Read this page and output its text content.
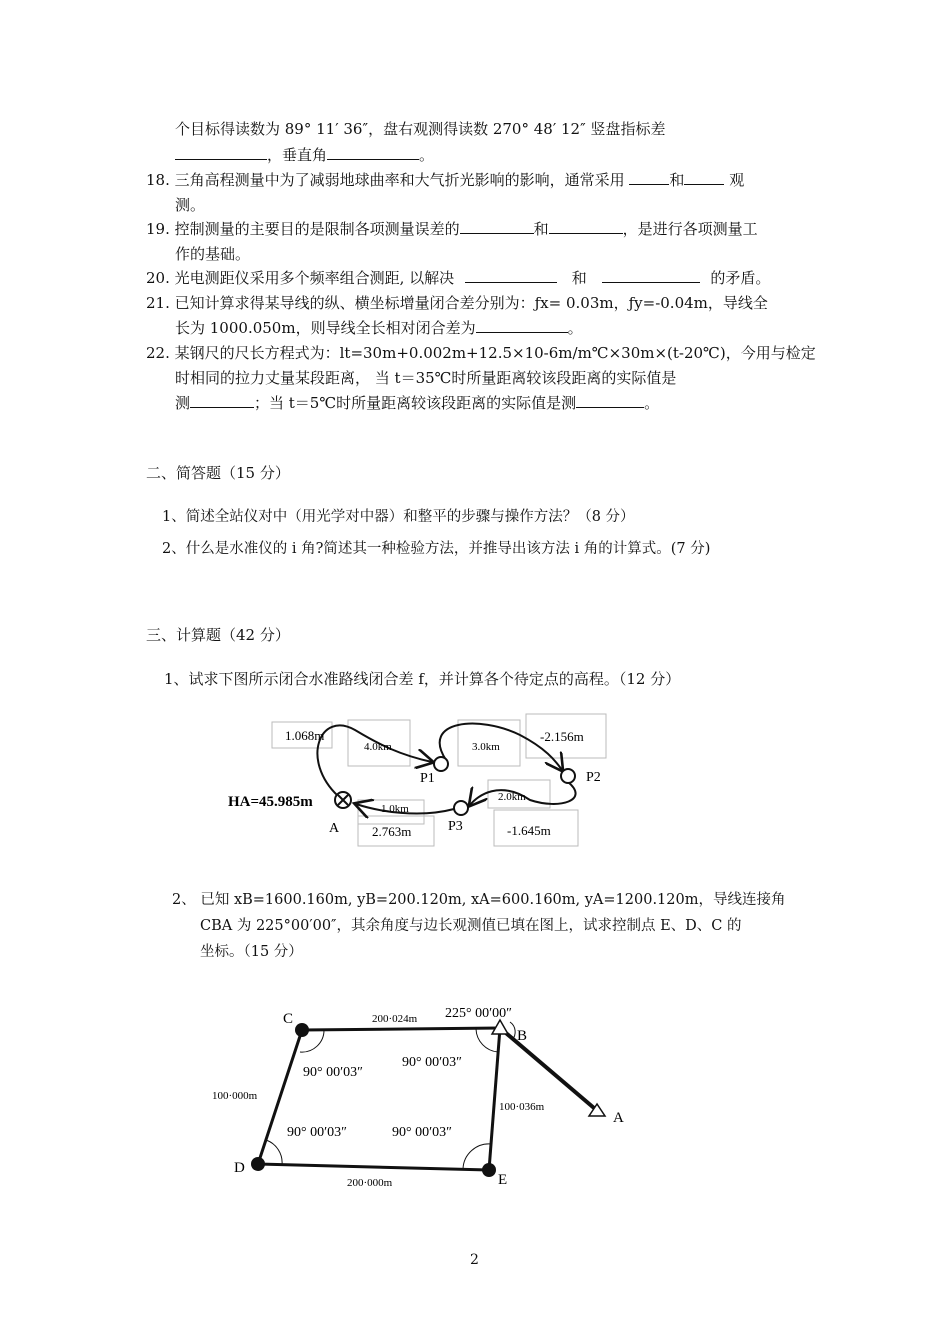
个目标得读数为 89° 11′ 36″，盘右观测得读数 270° 48′ 12″ 竖盘指标差
，垂直角	。
18. 三角高程测量中为了减弱地球曲率和大气折光影响的影响，通常采用	和	观
测。
19. 控制测量的主要目的是限制各项测量误差的	和	，是进行各项测量工
作的基础。
20. 光电测距仪采用多个频率组合测距, 以解决	和	的矛盾。
21. 已知计算求得某导线的纵、横坐标增量闭合差分别为：ƒx= 0.03m，ƒy=-0.04m，导线全
长为 1000.050m，则导线全长相对闭合差为	。
22. 某钢尺的尺长方程式为：lt=30m+0.002m+12.5×10-6m/m℃×30m×(t-20℃)，今用与检定
时相同的拉力丈量某段距离， 当 t＝35℃时所量距离较该段距离的实际值是
测	；当 t＝5℃时所量距离较该段距离的实际值是测	。
二、简答题（15 分）
1、简述全站仪对中（用光学对中器）和整平的步骤与操作方法？（8 分）
2、什么是水准仪的 i 角?简述其一种检验方法，并推导出该方法 i 角的计算式。(7 分)
三、计算题（42 分）
1、试求下图所示闭合水准路线闭合差 f，并计算各个待定点的高程。（12 分）
HA=45.985m
A
P1	P2
P3
1.068m
4.0km	3.0km
-2.156m
2.0km
-1.645m
1.0km
2.763m
2、 已知 xB=1600.160m, yB=200.120m, xA=600.160m, yA=1200.120m，导线连接角
CBA 为 225°00′00″，其余角度与边长观测值已填在图上，试求控制点 E、D、C 的
坐标。（15 分）
C
B
A
D
E
200·024m
100·036m
200·000m
100·000m
225° 00′00″
90° 00′03″
90° 00′03″
90° 00′03″	90° 00′03″
2
